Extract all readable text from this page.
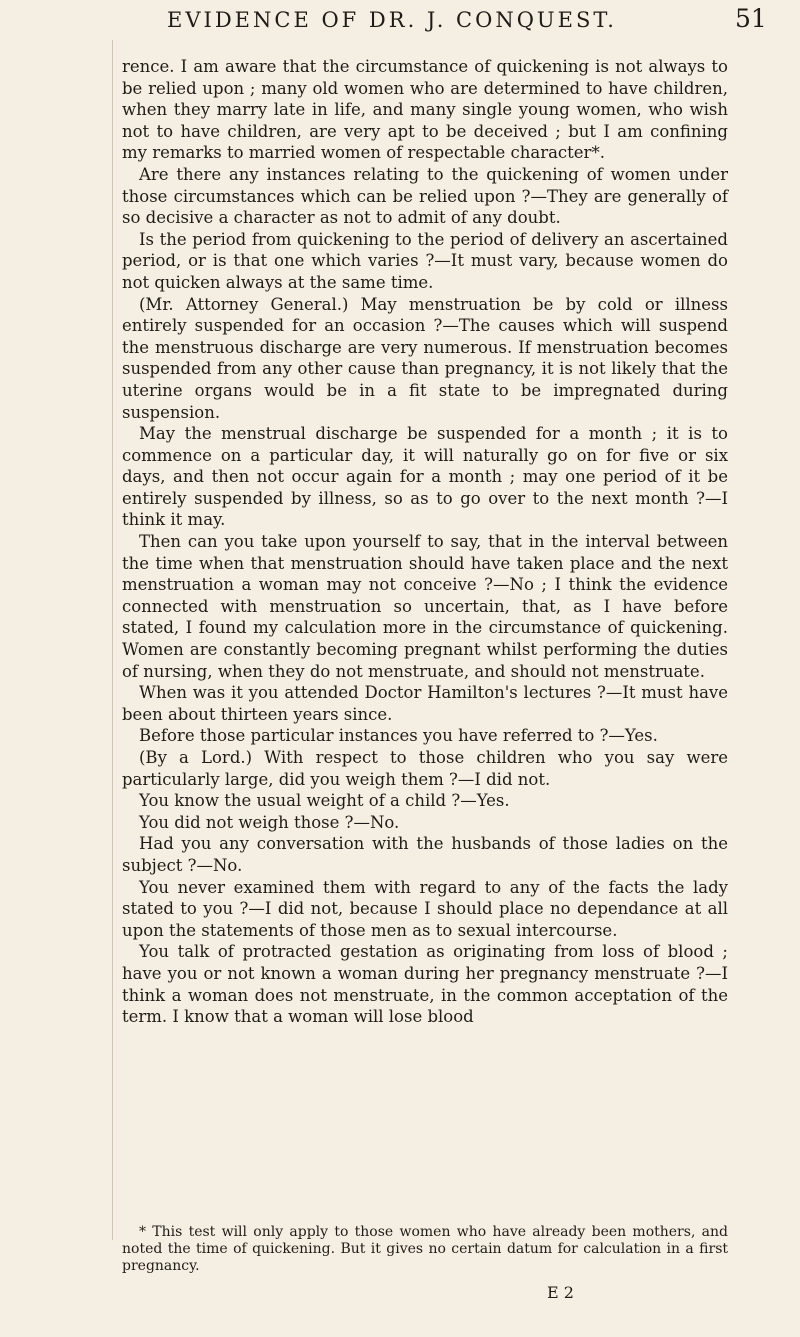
EVIDENCE OF DR. J. CONQUEST.	51

rence. I am aware that the circumstance of quickening is not always to be relied upon ; many old women who are determined to have children, when they marry late in life, and many single young women, who wish not to have children, are very apt to be deceived ; but I am confining my remarks to married women of respectable character*.

Are there any instances relating to the quickening of women under those circumstances which can be relied upon ?—They are generally of so decisive a character as not to admit of any doubt.

Is the period from quickening to the period of delivery an ascertained period, or is that one which varies ?—It must vary, because women do not quicken always at the same time.

(Mr. Attorney General.) May menstruation be by cold or illness entirely suspended for an occasion ?—The causes which will suspend the menstruous discharge are very numerous. If menstruation becomes suspended from any other cause than pregnancy, it is not likely that the uterine organs would be in a fit state to be impregnated during suspension.

May the menstrual discharge be suspended for a month ; it is to commence on a particular day, it will naturally go on for five or six days, and then not occur again for a month ; may one period of it be entirely suspended by illness, so as to go over to the next month ?—I think it may.

Then can you take upon yourself to say, that in the interval between the time when that menstruation should have taken place and the next menstruation a woman may not conceive ?—No ; I think the evidence connected with menstruation so uncertain, that, as I have before stated, I found my calculation more in the circumstance of quickening. Women are constantly becoming pregnant whilst performing the duties of nursing, when they do not menstruate, and should not menstruate.

When was it you attended Doctor Hamilton's lectures ?—It must have been about thirteen years since.

Before those particular instances you have referred to ?—Yes.

(By a Lord.) With respect to those children who you say were particularly large, did you weigh them ?—I did not.

You know the usual weight of a child ?—Yes.

You did not weigh those ?—No.

Had you any conversation with the husbands of those ladies on the subject ?—No.

You never examined them with regard to any of the facts the lady stated to you ?—I did not, because I should place no dependance at all upon the statements of those men as to sexual intercourse.

You talk of protracted gestation as originating from loss of blood ; have you or not known a woman during her pregnancy menstruate ?—I think a woman does not menstruate, in the common acceptation of the term. I know that a woman will lose blood

* This test will only apply to those women who have already been mothers, and noted the time of quickening. But it gives no certain datum for calculation in a first pregnancy.

E 2
